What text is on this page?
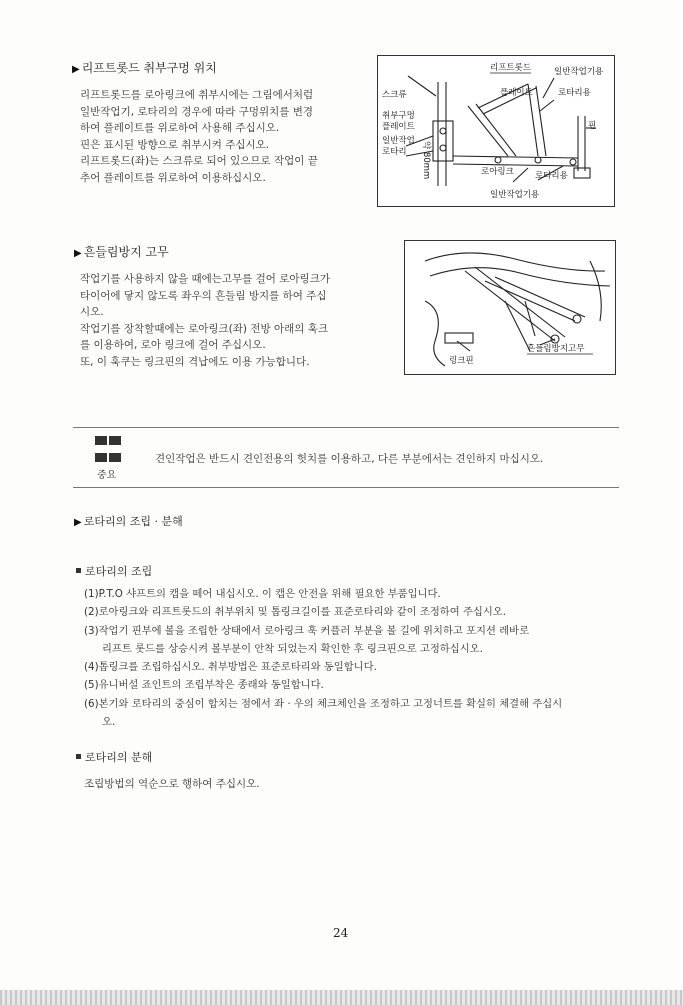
▶ 리프트롯드 취부구멍 위치

리프트롯드를 로아링크에 취부시에는 그림에서처럼

일반작업기, 로타리의 경우에 따라 구멍위치를 변경

하여 플레이트를 위로하여 사용해 주십시오.

핀은 표시된 방향으로 취부시켜 주십시오.

리프트롯드(좌)는 스크류로 되어 있으므로 작업이 끝

추어 플레이트를 위로하여 이용하십시오.

리프트롯드	일반작업기용
스크류	플레이트	로타리용
취부구멍
플레이트
일반작업
로타리
핀
로아링크 로타리용
일반작업기용
약 80mm
▶ 흔들림방지 고무

작업기를 사용하지 않을 때에는고무를 걸어 로아링크가

타이어에 닿지 않도록 좌우의 흔들림 방지를 하여 주십

시오.

작업기를 장착할때에는 로아링크(좌) 전방 아래의 훅크

를 이용하여, 로아 링크에 걸어 주십시오.

또, 이 훅쿠는 링크핀의 격납에도 이용 가능합니다.	링크핀
흔들림방지고무
중요
견인작업은 반드시 견인전용의 헛치를 이용하고, 다른 부분에서는 견인하지 마십시오.
▶ 로타리의 조립 · 분해
로타리의 조립

(1)P.T.O 샤프트의 캡을 떼어 내십시오. 이 캡은 안전을 위해 필요한 부품입니다.

(2)로아링크와 리프트롯드의 취부위치 및 톱링크길이를 표준로타리와 같이 조정하여 주십시오.

(3)작업기 핀부에 볼을 조립한 상태에서 로아링크 훅 커플러 부분을 볼 길에 위치하고 포지션 레바로

리프트 롯드를 상승시켜 볼부분이 안착 되었는지 확인한 후 링크핀으로 고정하십시오.

(4)톱링크를 조립하십시오. 취부방법은 표준로타리와 동일합니다.

(5)유니버설 죠인트의 조립부착은 종래와 동일합니다.

(6)본기와 로타리의 중심이 합치는 점에서 좌 · 우의 체크체인을 조정하고 고정너트를 확실히 체결해 주십시

오.

로타리의 분해
조립방법의 역순으로 행하여 주십시오.
24
